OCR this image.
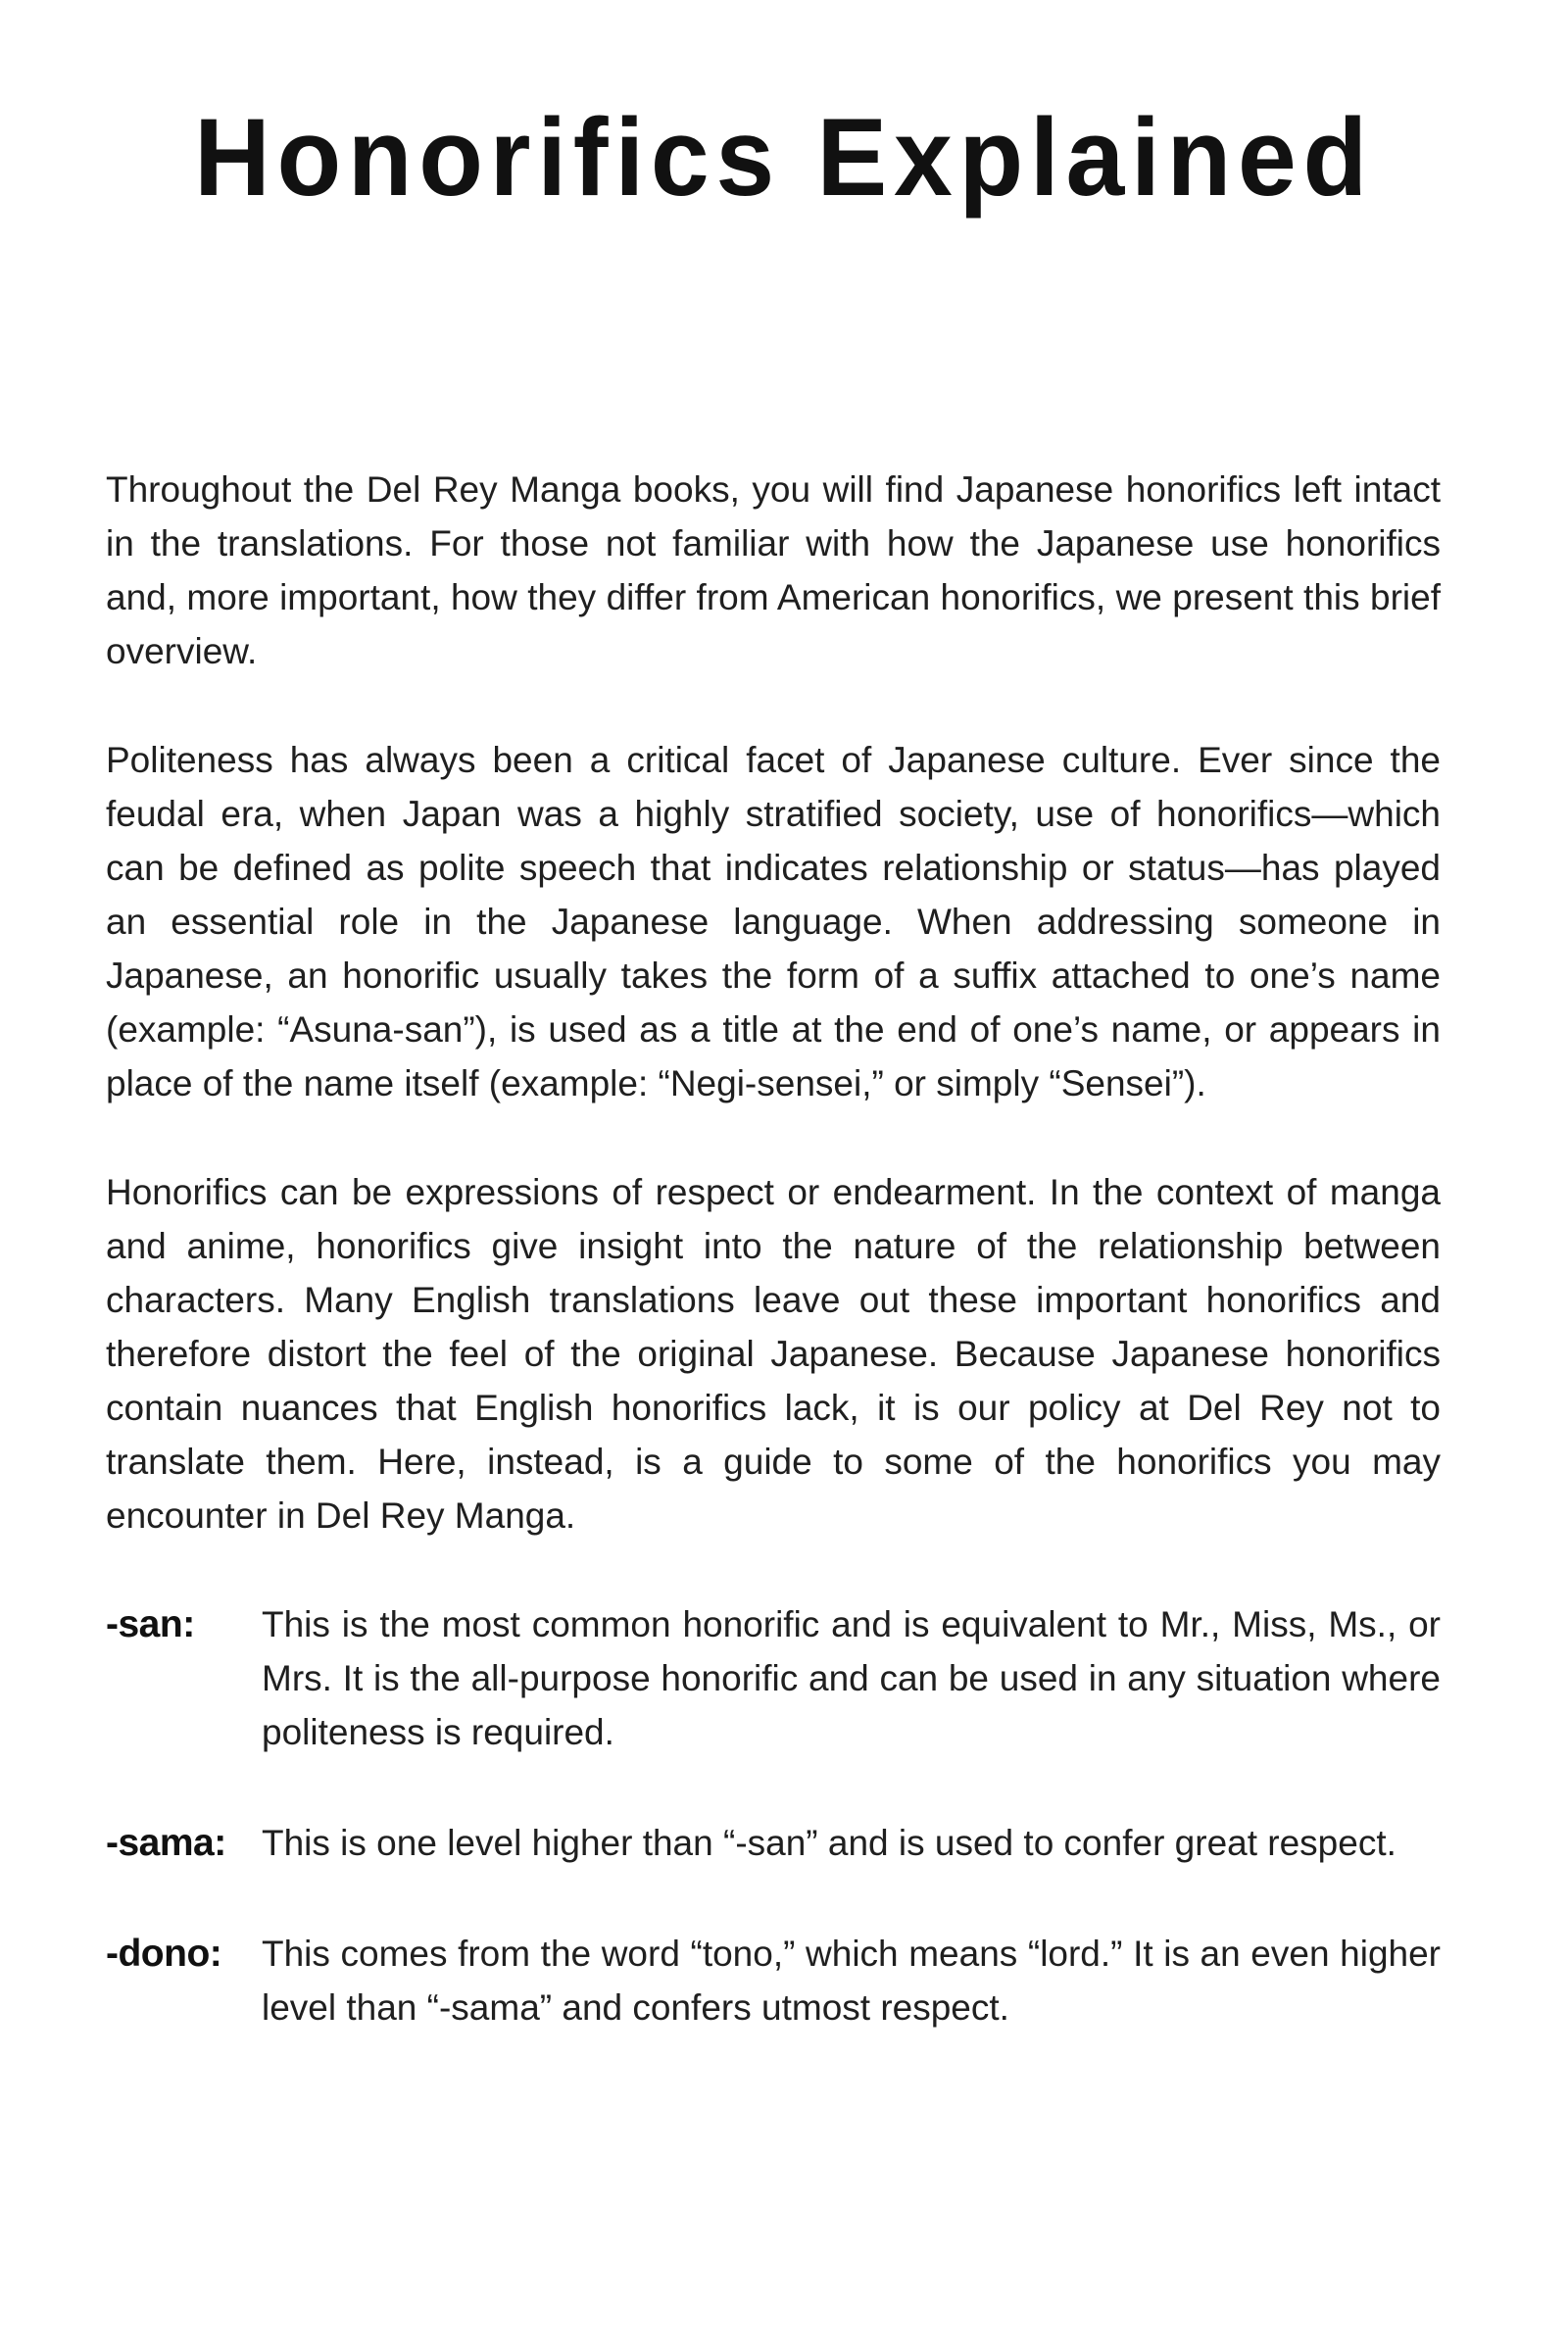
Honorifics Explained

Throughout the Del Rey Manga books, you will find Japanese honorifics left intact in the translations. For those not familiar with how the Japanese use honorifics and, more important, how they differ from American honorifics, we present this brief overview.

Politeness has always been a critical facet of Japanese culture. Ever since the feudal era, when Japan was a highly stratified society, use of honorifics—which can be defined as polite speech that indicates relationship or status—has played an essential role in the Japanese language. When addressing someone in Japanese, an honorific usually takes the form of a suffix attached to one’s name (example: “Asuna-san”), is used as a title at the end of one’s name, or appears in place of the name itself (example: “Negi-sensei,” or simply “Sensei”).

Honorifics can be expressions of respect or endearment. In the context of manga and anime, honorifics give insight into the nature of the relationship between characters. Many English translations leave out these important honorifics and therefore distort the feel of the original Japanese. Because Japanese honorifics contain nuances that English honorifics lack, it is our policy at Del Rey not to translate them. Here, instead, is a guide to some of the honorifics you may encounter in Del Rey Manga.

-san:	This is the most common honorific and is equivalent to Mr., Miss, Ms., or Mrs. It is the all-purpose honorific and can be used in any situation where politeness is required.
-sama: This is one level higher than “-san” and is used to confer great respect.
-dono:	This comes from the word “tono,” which means “lord.” It is an even higher level than “-sama” and confers utmost respect.
